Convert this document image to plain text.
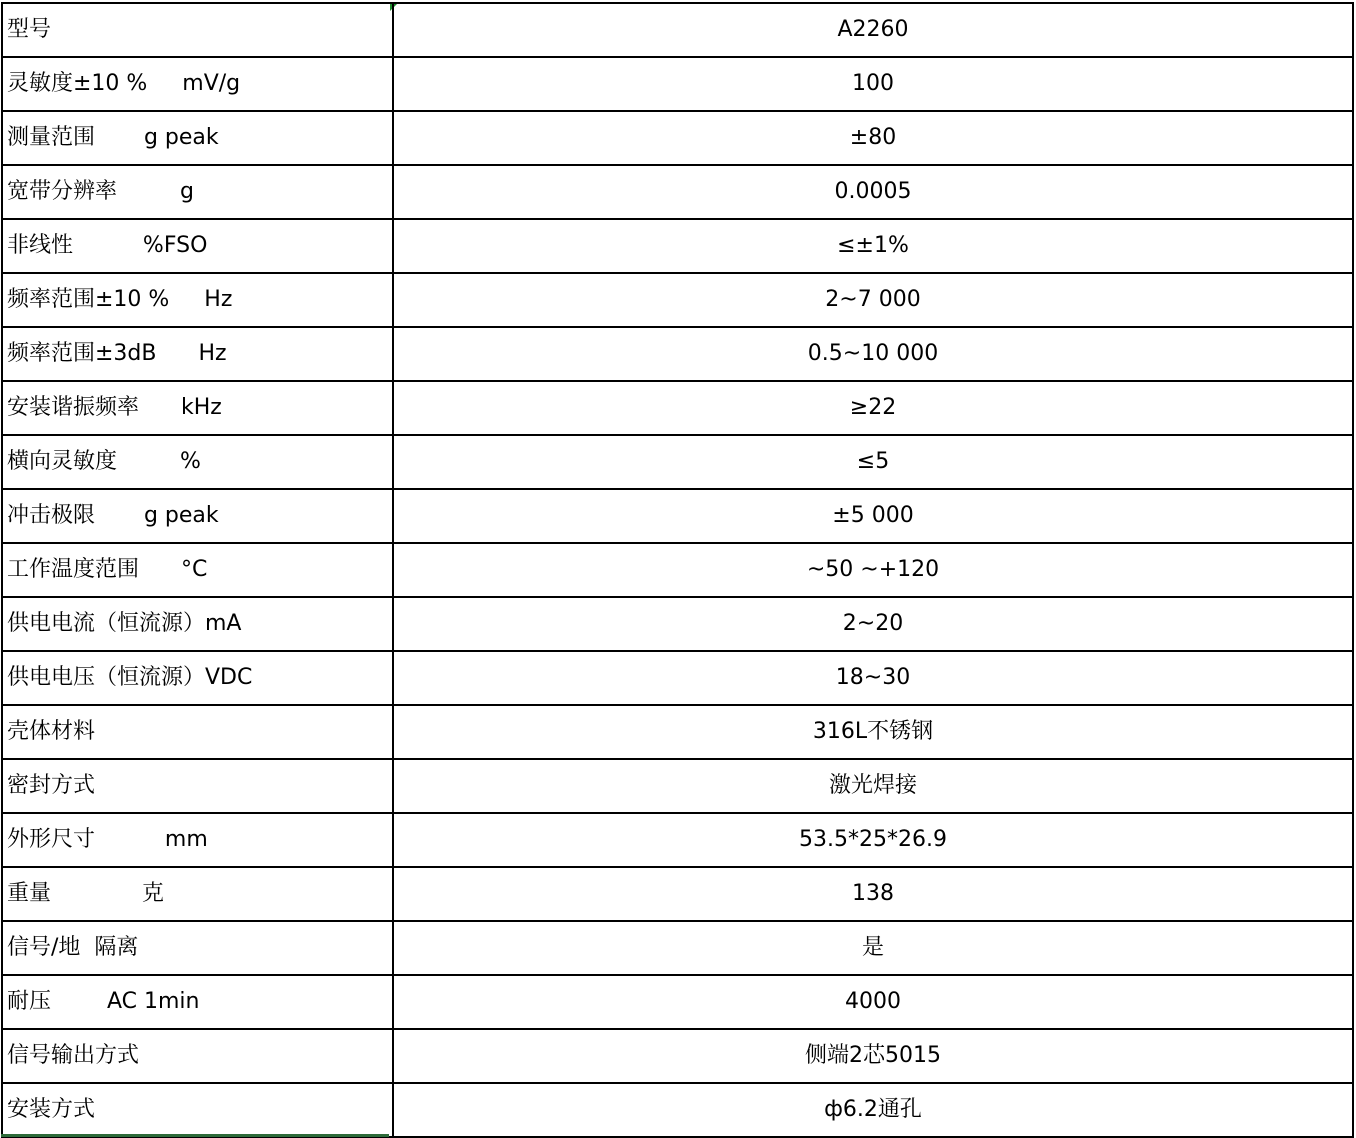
型号	A2260
灵敏度±10 %     mV/g	100
测量范围       g peak	±80
宽带分辨率         g	0.0005
非线性          %FSO	≤±1%
频率范围±10 %     Hz	2~7 000
频率范围±3dB      Hz	0.5~10 000
安装谐振频率      kHz	≥22
横向灵敏度         %	≤5
冲击极限       g peak	±5 000
工作温度范围      °C	~50 ~+120
供电电流（恒流源）mA	2~20
供电电压（恒流源）VDC	18~30
壳体材料	316L不锈钢
密封方式	激光焊接
外形尺寸          mm	53.5*25*26.9
重量             克	138
信号/地  隔离	是
耐压        AC 1min	4000
信号输出方式	侧端2芯5015
安装方式	ф6.2通孔
